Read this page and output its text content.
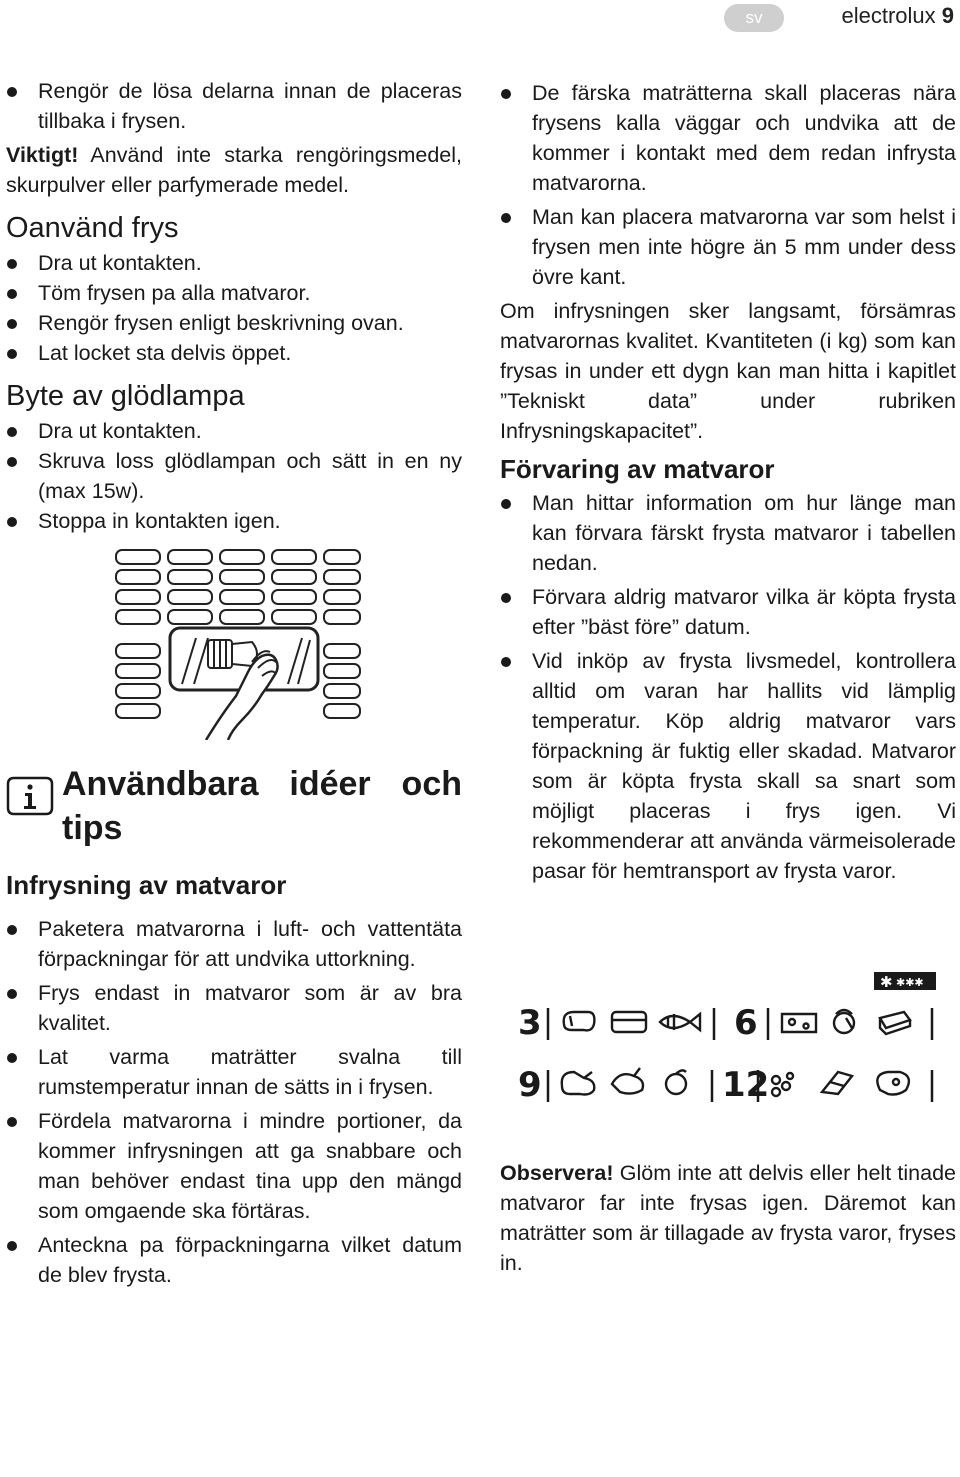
sv	electrolux 9
Rengör de lösa delarna innan de placeras tillbaka i frysen.

Viktigt! Använd inte starka rengöringsmedel, skurpulver eller parfymerade medel.

Oanvänd frys
Dra ut kontakten.
Töm frysen pa alla matvaror.
Rengör frysen enligt beskrivning ovan.
Lat locket sta delvis öppet.
Byte av glödlampa
Dra ut kontakten.
Skruva loss glödlampan och sätt in en ny (max 15w).
Stoppa in kontakten igen.
Användbara idéer och
tips
Infrysning av matvaror
Paketera matvarorna i luft- och vattentäta förpackningar för att undvika uttorkning.
Frys endast in matvaror som är av bra kvalitet.
Lat varma maträtter svalna till rumstemperatur innan de sätts in i frysen.
Fördela matvarorna i mindre portioner, da kommer infrysningen att ga snabbare och man behöver endast tina upp den mängd som omgaende ska förtäras.
Anteckna pa förpackningarna vilket datum de blev frysta.
De färska maträtterna skall placeras nära frysens kalla väggar och undvika att de kommer i kontakt med dem redan infrysta matvarorna.
Man kan placera matvarorna var som helst i frysen men inte högre än 5 mm under dess övre kant.

Om infrysningen sker langsamt, försämras matvarornas kvalitet. Kvantiteten (i kg) som kan frysas in under ett dygn kan man hitta i kapitlet ”Tekniskt data” under rubriken Infrysningskapacitet”.

Förvaring av matvaror
Man hittar information om hur länge man kan förvara färskt frysta matvaror i tabellen nedan.
Förvara aldrig matvaror vilka är köpta frysta efter ”bäst före” datum.
Vid inköp av frysta livsmedel, kontrollera alltid om varan har hallits vid lämplig temperatur. Köp aldrig matvaror vars förpackning är fuktig eller skadad. Matvaror som är köpta frysta skall sa snart som möjligt placeras i frys igen. Vi rekommenderar att använda värmeisolerade pasar för hemtransport av frysta varor.
✱ ✱✱✱
3	6
9	12

Observera! Glöm inte att delvis eller helt tinade matvaror far inte frysas igen. Däremot kan maträtter som är tillagade av frysta varor, fryses in.
